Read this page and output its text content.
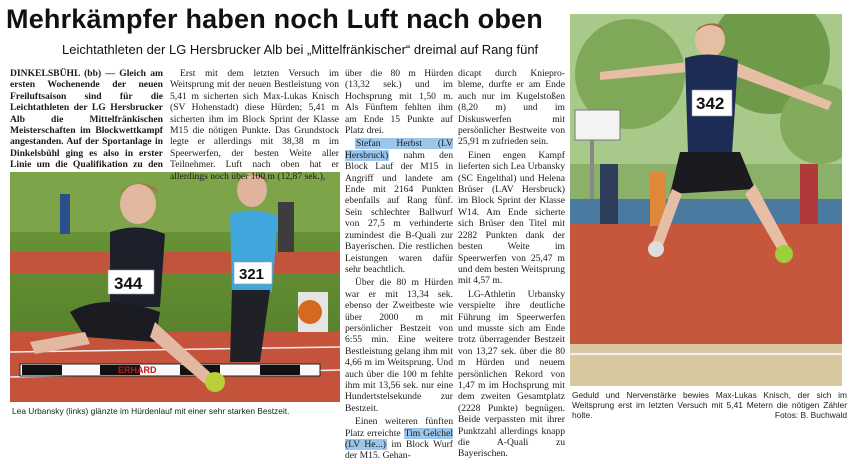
Mehrkämpfer haben noch Luft nach oben
Leichtathleten der LG Hersbrucker Alb bei „Mittelfränkischer“ dreimal auf Rang fünf

DINKELSBÜHL (bb) — Gleich am ersten Wochenende der neuen Freiluftsaison sind für die Leichtathleten der LG Hersbrucker Alb die Mittelfränkischen Meisterschaften im Blockwettkampf angestanden. Auf der Sportanlage in Dinkelsbühl ging es also in erster Linie um die Qualifikation zu den

ERHARD
344	321
Lea Urbansky (links) glänzte im Hürdenlauf mit einer sehr starken Bestzeit.

Erst mit dem letzten Versuch im Weitsprung mit der neuen Bestleistung von 5,41 m sicherten sich Max-Lukas Knisch (SV Hohenstadt) diese Hürden; 5,41 m sicherten ihm im Block Sprint der Klasse M15 die nötigen Punkte. Das Grundstock legte er allerdings mit 38,38 m im Speerwerfen, der besten Weite aller Teilnehmer. Luft nach oben hat er allerdings noch über 100 m (12,87 sek.),

über die 80 m Hürden (13,32 sek.) und im Hochsprung mit 1,50 m. Als Fünftem fehlten ihm am Ende 15 Punkte auf Platz drei.

Stefan Herbst (LV Hersbruck) nahm den Block Lauf der M15 in Angriff und landete am Ende mit 2164 Punkten ebenfalls auf Rang fünf. Sein schlechter Ballwurf von 27,5 m verhinderte zumindest die B-Quali zur Bayerischen. Die restlichen Leistungen waren dafür sehr beachtlich.

Über die 80 m Hürden war er mit 13,34 sek. ebenso der Zweitbeste wie über 2000 m mit persönlicher Bestzeit von 6:55 min. Eine weitere Bestleistung gelang ihm mit 4,66 m im Weitsprung. Und auch über die 100 m fehlte ihm mit 13,56 sek. nur eine Hundertstelsekunde zur Bestzeit.

Einen weiteren fünften Platz erreichte Tim Gelchel (LV He...) im Block Wurf der M15. Gehan-

dicapt durch Knieprobleme, durfte er am Ende auch nur im Kugelstoßen (8,20 m) und im Diskuswerfen mit persönlicher Bestweite von 25,91 m zufrieden sein.

Einen engen Kampf lieferten sich Lea Urbansky (SC Engelthal) und Helena Brüser (LAV Hersbruck) im Block Sprint der Klasse W14. Am Ende sicherte sich Brüser den Titel mit 2282 Punkten dank der besten Weite im Speerwerfen von 25,47 m und dem besten Weitsprung mit 4,57 m.

LG-Athletin Urbansky verspielte ihre deutliche Führung im Speerwerfen und musste sich am Ende trotz überragender Bestzeit von 13,27 sek. über die 80 m Hürden und neuem persönlichen Rekord von 1,47 m im Hochsprung mit dem zweiten Gesamtplatz (2228 Punkte) begnügen. Beide verpassten mit ihrer Punktzahl allerdings knapp die A-Quali zu Bayerischen.

342
Geduld und Nervenstärke bewies Max-Lukas Knisch, der sich im Weitsprung erst im letzten Versuch mit 5,41 Metern die nötigen Zähler holte.	Fotos: B. Buchwald
